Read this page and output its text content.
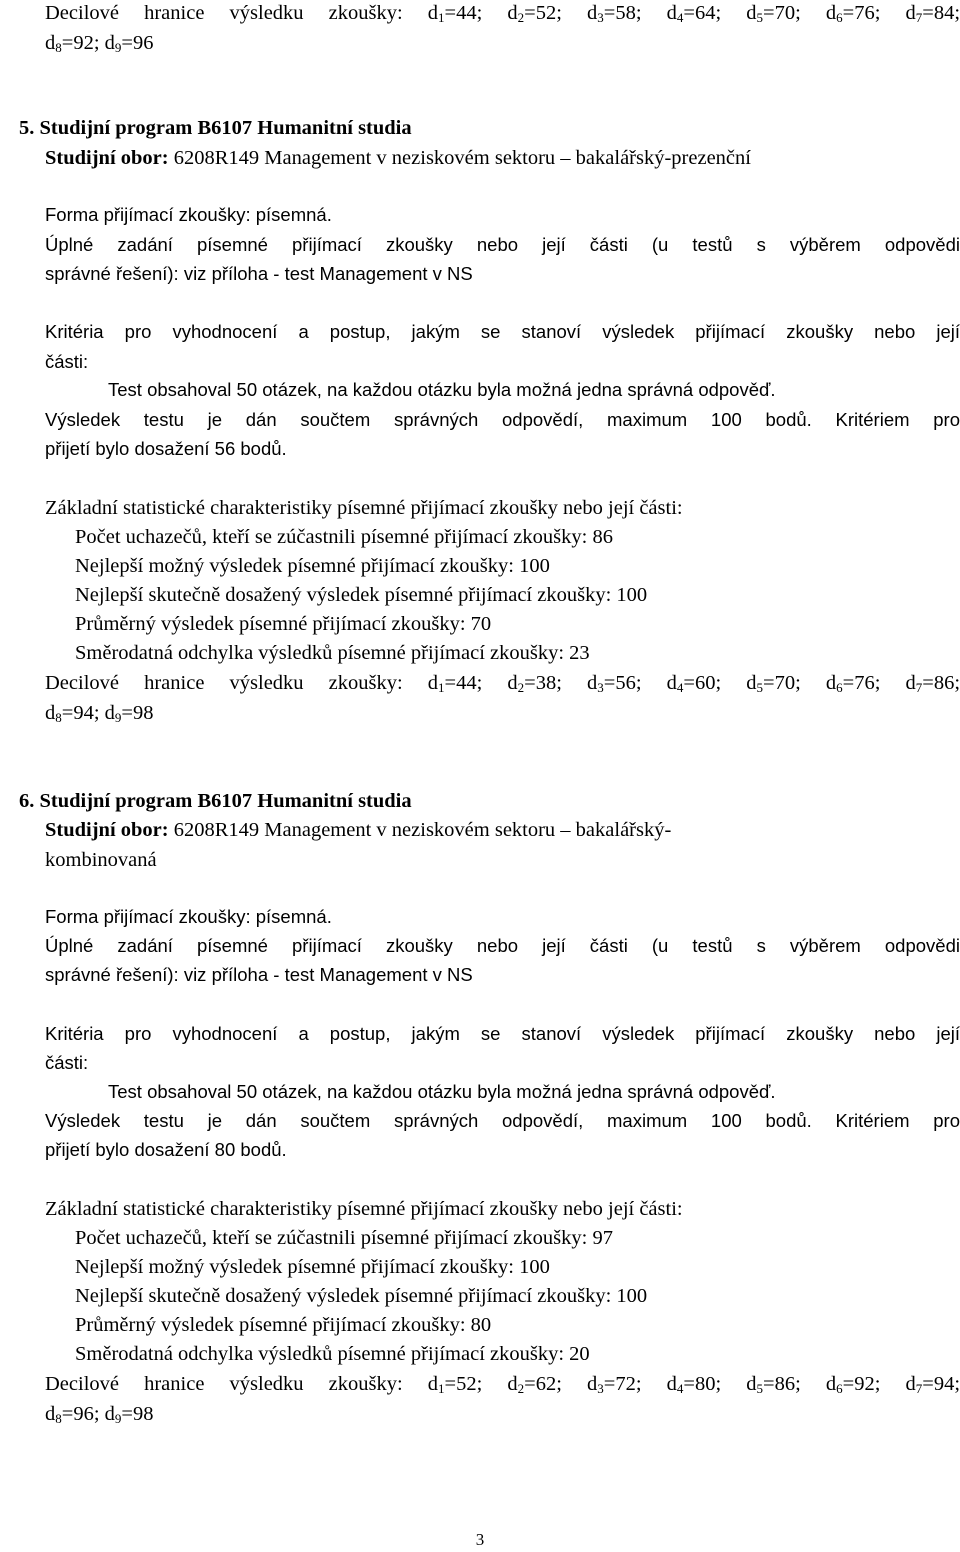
Decilové hranice výsledku zkoušky: $d_1=44$; $d_2=52$; $d_3=58$; $d_4=64$; $d_5=70$; $d_6=76$; $d_7=84$;
$d_8=92$; $d_9=96$
5. Studijní program B6107 Humanitní studia
Studijní obor: 6208R149 Management v neziskovém sektoru – bakalářský-prezenční
Forma přijímací zkoušky: písemná.
Úplné zadání písemné přijímací zkoušky nebo její části (u testů s výběrem odpovědi
správné řešení): viz příloha - test Management v NS
Kritéria pro vyhodnocení a postup, jakým se stanoví výsledek přijímací zkoušky nebo její
části:
Test obsahoval 50 otázek, na každou otázku byla možná jedna správná odpověď.
Výsledek testu je dán součtem správných odpovědí, maximum 100 bodů. Kritériem pro
přijetí bylo dosažení 56 bodů.
Základní statistické charakteristiky písemné přijímací zkoušky nebo její části:
Počet uchazečů, kteří se zúčastnili písemné přijímací zkoušky: 86
Nejlepší možný výsledek písemné přijímací zkoušky: 100
Nejlepší skutečně dosažený výsledek písemné přijímací zkoušky: 100
Průměrný výsledek písemné přijímací zkoušky: 70
Směrodatná odchylka výsledků písemné přijímací zkoušky: 23
Decilové hranice výsledku zkoušky: $d_1=44$; $d_2=38$; $d_3=56$; $d_4=60$; $d_5=70$; $d_6=76$; $d_7=86$;
$d_8=94$; $d_9=98$
6. Studijní program B6107 Humanitní studia
Studijní obor: 6208R149 Management v neziskovém sektoru – bakalářský-
kombinovaná
Forma přijímací zkoušky: písemná.
Úplné zadání písemné přijímací zkoušky nebo její části (u testů s výběrem odpovědi
správné řešení): viz příloha - test Management v NS
Kritéria pro vyhodnocení a postup, jakým se stanoví výsledek přijímací zkoušky nebo její
části:
Test obsahoval 50 otázek, na každou otázku byla možná jedna správná odpověď.
Výsledek testu je dán součtem správných odpovědí, maximum 100 bodů. Kritériem pro
přijetí bylo dosažení 80 bodů.
Základní statistické charakteristiky písemné přijímací zkoušky nebo její části:
Počet uchazečů, kteří se zúčastnili písemné přijímací zkoušky: 97
Nejlepší možný výsledek písemné přijímací zkoušky: 100
Nejlepší skutečně dosažený výsledek písemné přijímací zkoušky: 100
Průměrný výsledek písemné přijímací zkoušky: 80
Směrodatná odchylka výsledků písemné přijímací zkoušky: 20
Decilové hranice výsledku zkoušky: $d_1=52$; $d_2=62$; $d_3=72$; $d_4=80$; $d_5=86$; $d_6=92$; $d_7=94$;
$d_8=96$; $d_9=98$
3
